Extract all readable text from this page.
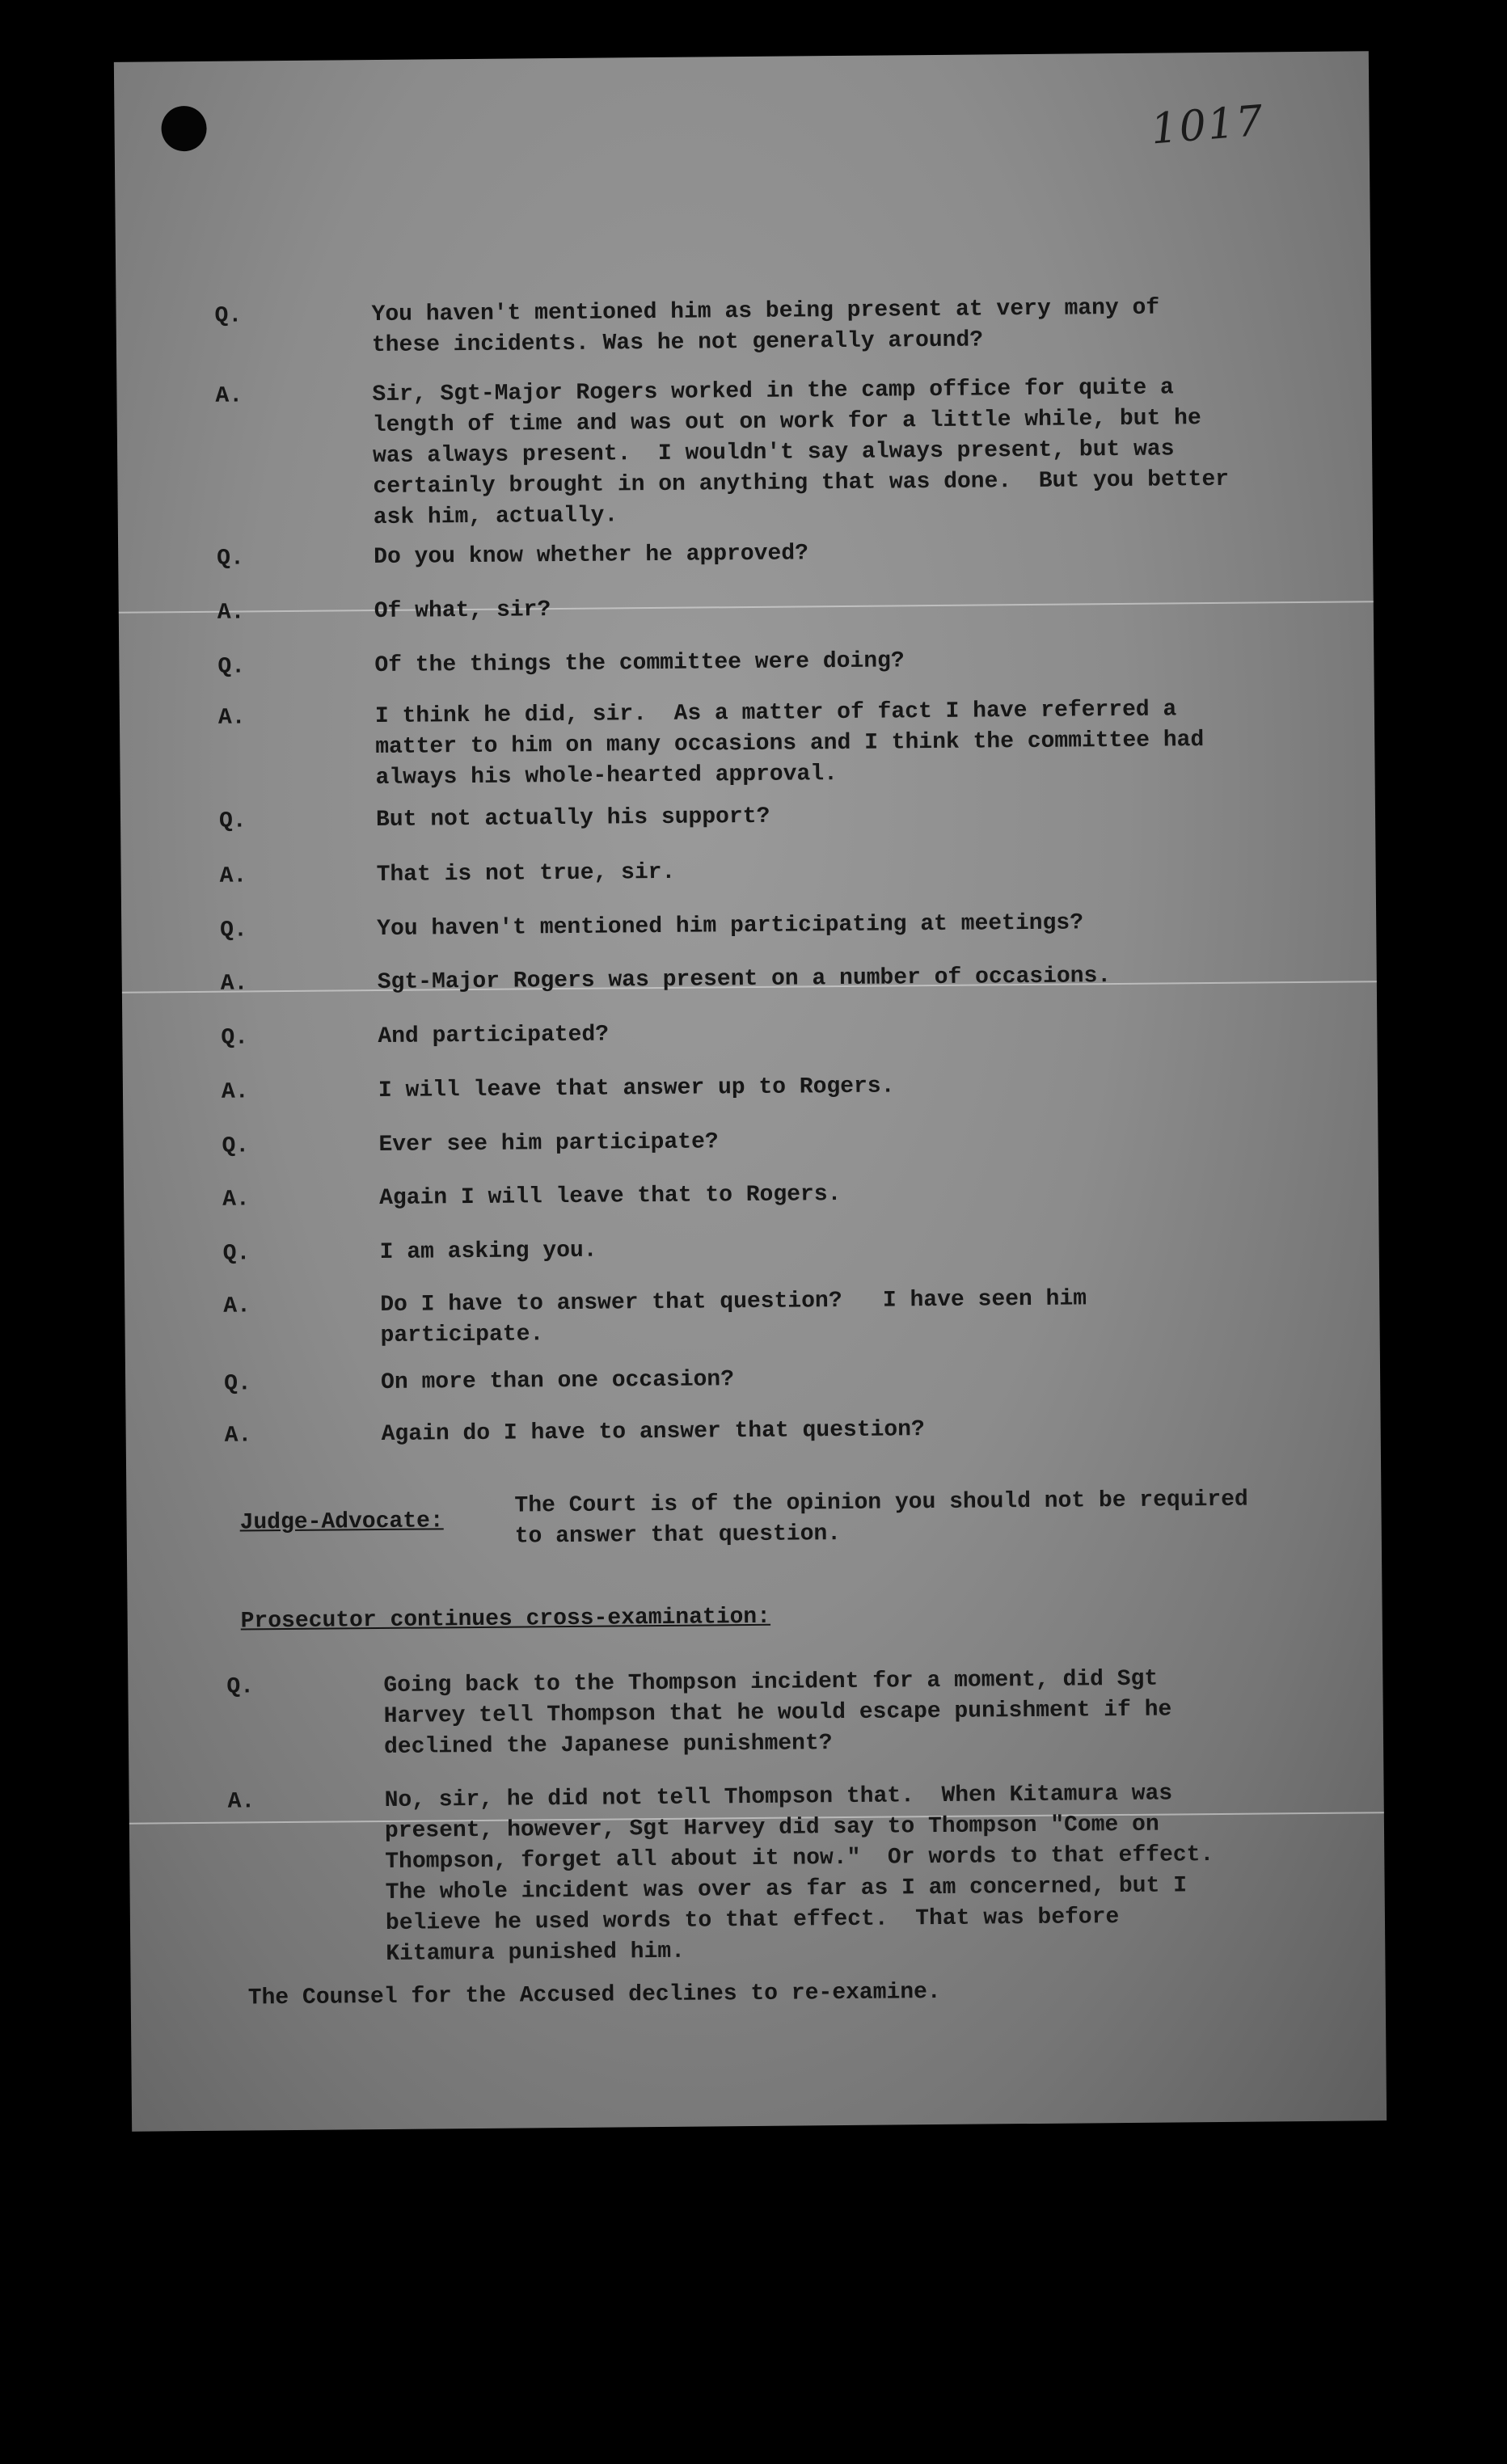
1017
Q.	You haven't mentioned him as being present at very many of
these incidents. Was he not generally around?
A.	Sir, Sgt-Major Rogers worked in the camp office for quite a
length of time and was out on work for a little while, but he
was always present.  I wouldn't say always present, but was
certainly brought in on anything that was done.  But you better
ask him, actually.
Q.	Do you know whether he approved?
A.	Of what, sir?
Q.	Of the things the committee were doing?
A.	I think he did, sir.  As a matter of fact I have referred a
matter to him on many occasions and I think the committee had
always his whole-hearted approval.
Q.	But not actually his support?
A.	That is not true, sir.
Q.	You haven't mentioned him participating at meetings?
A.	Sgt-Major Rogers was present on a number of occasions.
Q.	And participated?
A.	I will leave that answer up to Rogers.
Q.	Ever see him participate?
A.	Again I will leave that to Rogers.
Q.	I am asking you.
A.	Do I have to answer that question?   I have seen him
participate.
Q.	On more than one occasion?
A.	Again do I have to answer that question?
Judge-Advocate:
The Court is of the opinion you should not be required
to answer that question.
Prosecutor continues cross-examination:
Q.	Going back to the Thompson incident for a moment, did Sgt
Harvey tell Thompson that he would escape punishment if he
declined the Japanese punishment?
A.	No, sir, he did not tell Thompson that.  When Kitamura was
present, however, Sgt Harvey did say to Thompson "Come on
Thompson, forget all about it now."  Or words to that effect.
The whole incident was over as far as I am concerned, but I
believe he used words to that effect.  That was before
Kitamura punished him.
The Counsel for the Accused declines to re-examine.
